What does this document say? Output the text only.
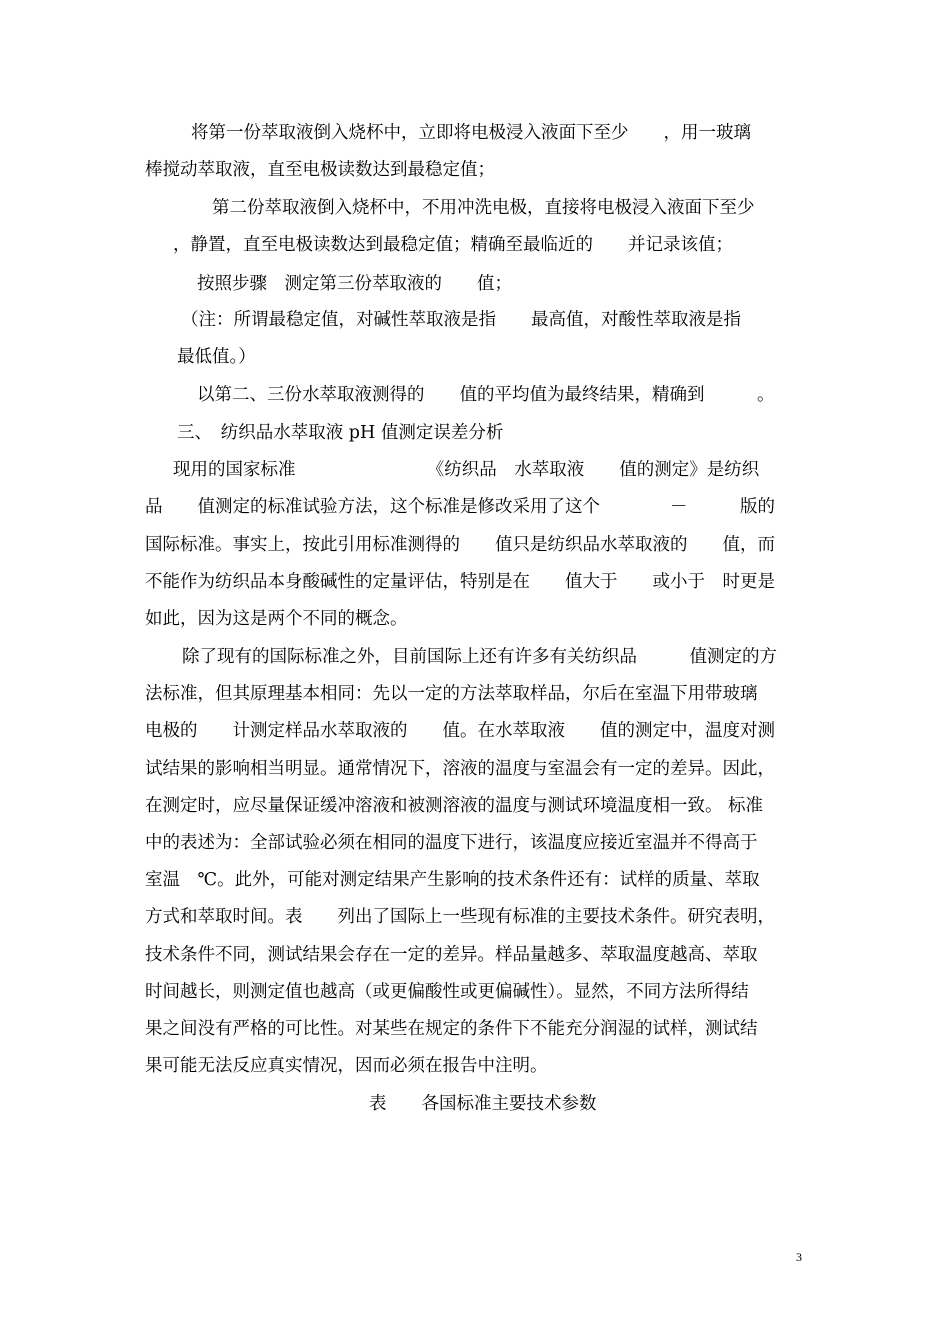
将第一份萃取液倒入烧杯中，立即将电极浸入液面下至少　　，用一玻璃
棒搅动萃取液，直至电极读数达到最稳定值；
第二份萃取液倒入烧杯中，不用冲洗电极，直接将电极浸入液面下至少
，静置，直至电极读数达到最稳定值；精确至最临近的　　并记录该值；
按照步骤　测定第三份萃取液的　　值；
（注：所谓最稳定值，对碱性萃取液是指　　最高值，对酸性萃取液是指
最低值。）
以第二、三份水萃取液测得的　　值的平均值为最终结果，精确到　　　。
三、　纺织品水萃取液 pH 值测定误差分析
现用的国家标准　　　　　　　　《纺织品　水萃取液　　值的测定》是纺织
品　　值测定的标准试验方法，这个标准是修改采用了这个　　　　－　　　版的
国际标准。事实上，按此引用标准测得的　　值只是纺织品水萃取液的　　值，而
不能作为纺织品本身酸碱性的定量评估，特别是在　　值大于　　或小于　时更是
如此，因为这是两个不同的概念。
除了现有的国际标准之外，目前国际上还有许多有关纺织品　　　值测定的方
法标准，但其原理基本相同：先以一定的方法萃取样品，尔后在室温下用带玻璃
电极的　　计测定样品水萃取液的　　值。在水萃取液　　值的测定中，温度对测
试结果的影响相当明显。通常情况下，溶液的温度与室温会有一定的差异。因此，
在测定时，应尽量保证缓冲溶液和被测溶液的温度与测试环境温度相一致。 标准
中的表述为：全部试验必须在相同的温度下进行，该温度应接近室温并不得高于
室温　℃。此外，可能对测定结果产生影响的技术条件还有：试样的质量、萃取
方式和萃取时间。表　　列出了国际上一些现有标准的主要技术条件。研究表明，
技术条件不同，测试结果会存在一定的差异。样品量越多、萃取温度越高、萃取
时间越长，则测定值也越高（或更偏酸性或更偏碱性）。显然，不同方法所得结
果之间没有严格的可比性。对某些在规定的条件下不能充分润湿的试样，测试结
果可能无法反应真实情况，因而必须在报告中注明。
表　　各国标准主要技术参数
3
